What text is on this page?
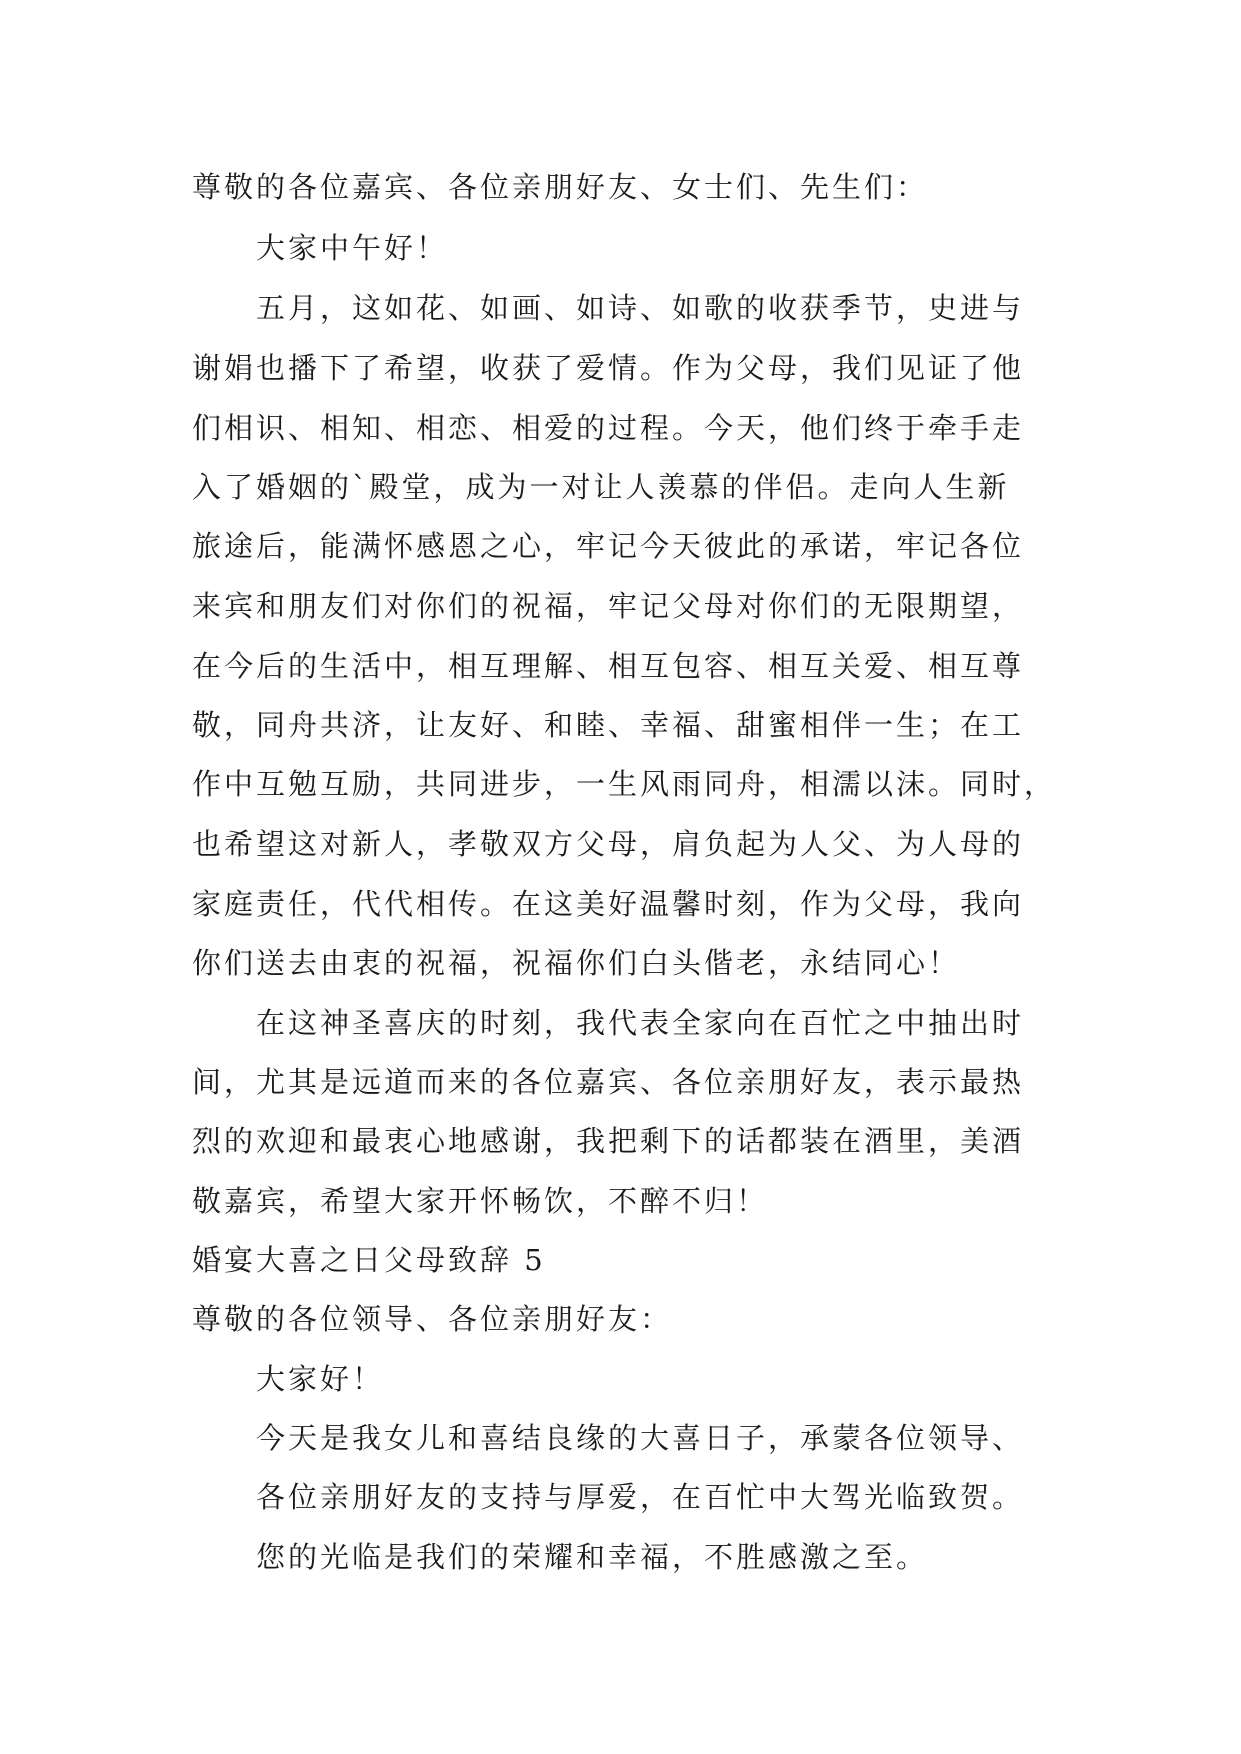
尊敬的各位嘉宾、各位亲朋好友、女士们、先生们：
大家中午好！
五月，这如花、如画、如诗、如歌的收获季节，史进与
谢娟也播下了希望，收获了爱情。作为父母，我们见证了他
们相识、相知、相恋、相爱的过程。今天，他们终于牵手走
入了婚姻的`殿堂，成为一对让人羡慕的伴侣。走向人生新
旅途后，能满怀感恩之心，牢记今天彼此的承诺，牢记各位
来宾和朋友们对你们的祝福，牢记父母对你们的无限期望，
在今后的生活中，相互理解、相互包容、相互关爱、相互尊
敬，同舟共济，让友好、和睦、幸福、甜蜜相伴一生；在工
作中互勉互励，共同进步，一生风雨同舟，相濡以沫。同时，
也希望这对新人，孝敬双方父母，肩负起为人父、为人母的
家庭责任，代代相传。在这美好温馨时刻，作为父母，我向
你们送去由衷的祝福，祝福你们白头偕老，永结同心！
在这神圣喜庆的时刻，我代表全家向在百忙之中抽出时
间，尤其是远道而来的各位嘉宾、各位亲朋好友，表示最热
烈的欢迎和最衷心地感谢，我把剩下的话都装在酒里，美酒
敬嘉宾，希望大家开怀畅饮，不醉不归！
婚宴大喜之日父母致辞 5
尊敬的各位领导、各位亲朋好友：
大家好！
今天是我女儿和喜结良缘的大喜日子，承蒙各位领导、
各位亲朋好友的支持与厚爱，在百忙中大驾光临致贺。
您的光临是我们的荣耀和幸福，不胜感激之至。
